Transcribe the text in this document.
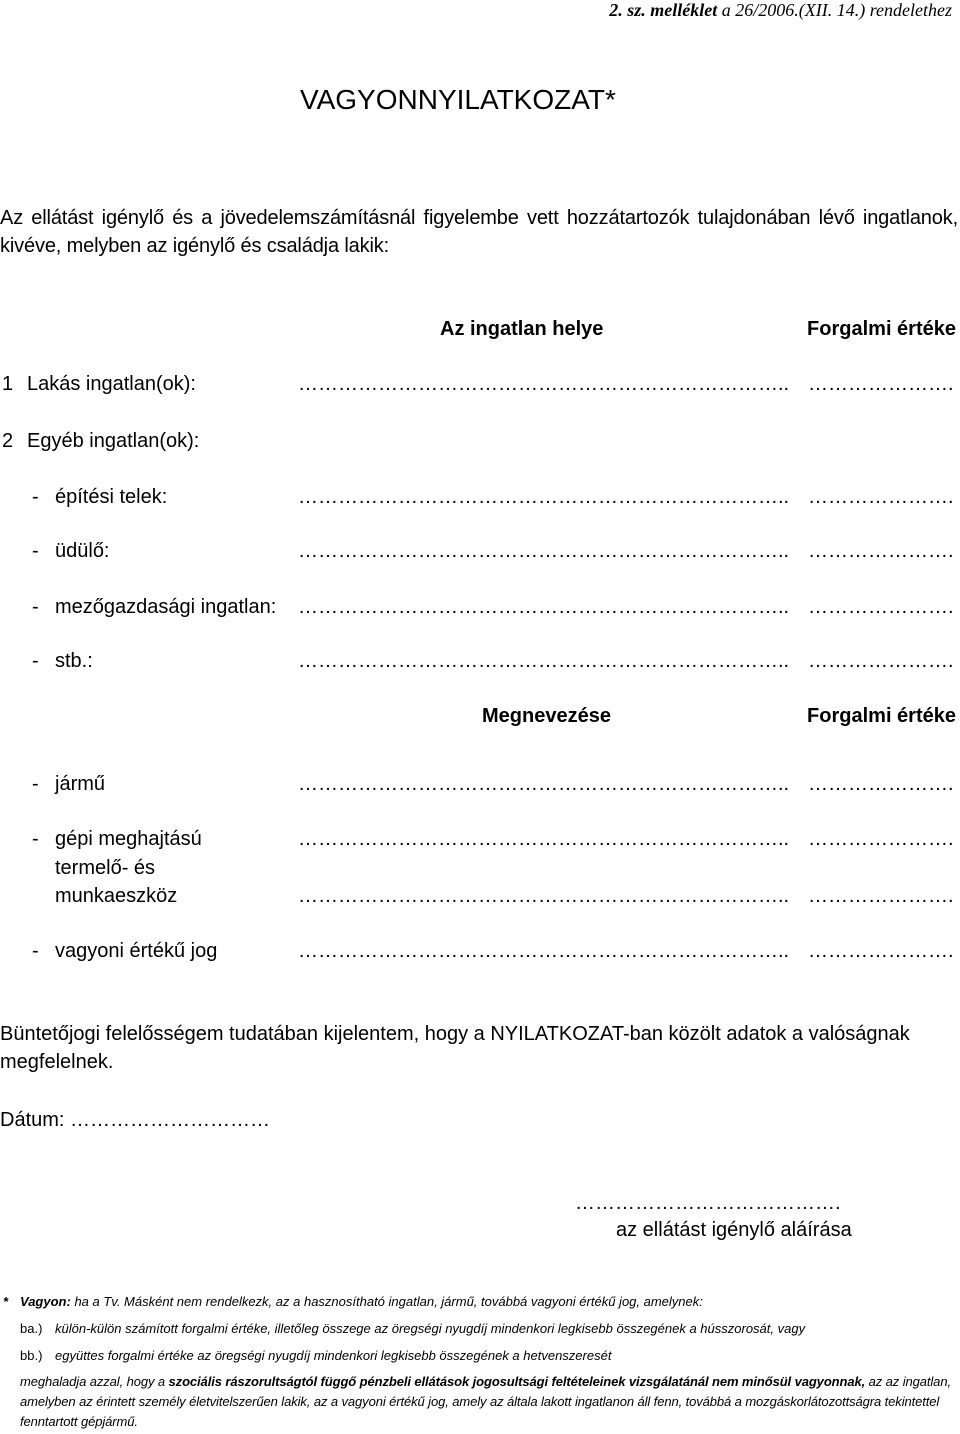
2. sz. melléklet a 26/2006.(XII. 14.) rendelethez
VAGYONNYILATKOZAT*

Az ellátást igénylő és a jövedelemszámításnál figyelembe vett hozzátartozók tulajdonában lévő ingatlanok, kivéve, melyben az igénylő és családja lakik:

Az ingatlan helye	Forgalmi értéke
1 Lakás ingatlan(ok):	……………………………………………………………….. ………………….
2 Egyéb ingatlan(ok):
- építési telek:	……………………………………………………………….. ………………….
- üdülő:	……………………………………………………………….. ………………….
- mezőgazdasági ingatlan: ……………………………………………………………….. ………………….
- stb.:	……………………………………………………………….. ………………….
Megnevezése	Forgalmi értéke
- jármű	……………………………………………………………….. ………………….
- gépi meghajtású	……………………………………………………………….. ………………….
termelő- és
munkaeszköz	……………………………………………………………….. ………………….
- vagyoni értékű jog	……………………………………………………………….. ………………….

Büntetőjogi felelősségem tudatában kijelentem, hogy a NYILATKOZAT-ban közölt adatok a valóságnak megfelelnek.

Dátum: …………………………
………………………………….
az ellátást igénylő aláírása
* Vagyon: ha a Tv. Másként nem rendelkezk, az a hasznosítható ingatlan, jármű, továbbá vagyoni értékű jog, amelynek:
ba.) külön-külön számított forgalmi értéke, illetőleg összege az öregségi nyugdíj mindenkori legkisebb összegének a hússzorosát, vagy
bb.) együttes forgalmi értéke az öregségi nyugdíj mindenkori legkisebb összegének a hetvenszeresét

meghaladja azzal, hogy a szociális rászorultságtól függő pénzbeli ellátások jogosultsági feltételeinek vizsgálatánál nem minősül vagyonnak, az az ingatlan, amelyben az érintett személy életvitelszerűen lakik, az a vagyoni értékű jog, amely az általa lakott ingatlanon áll fenn, továbbá a mozgáskorlátozottságra tekintettel fenntartott gépjármű.
